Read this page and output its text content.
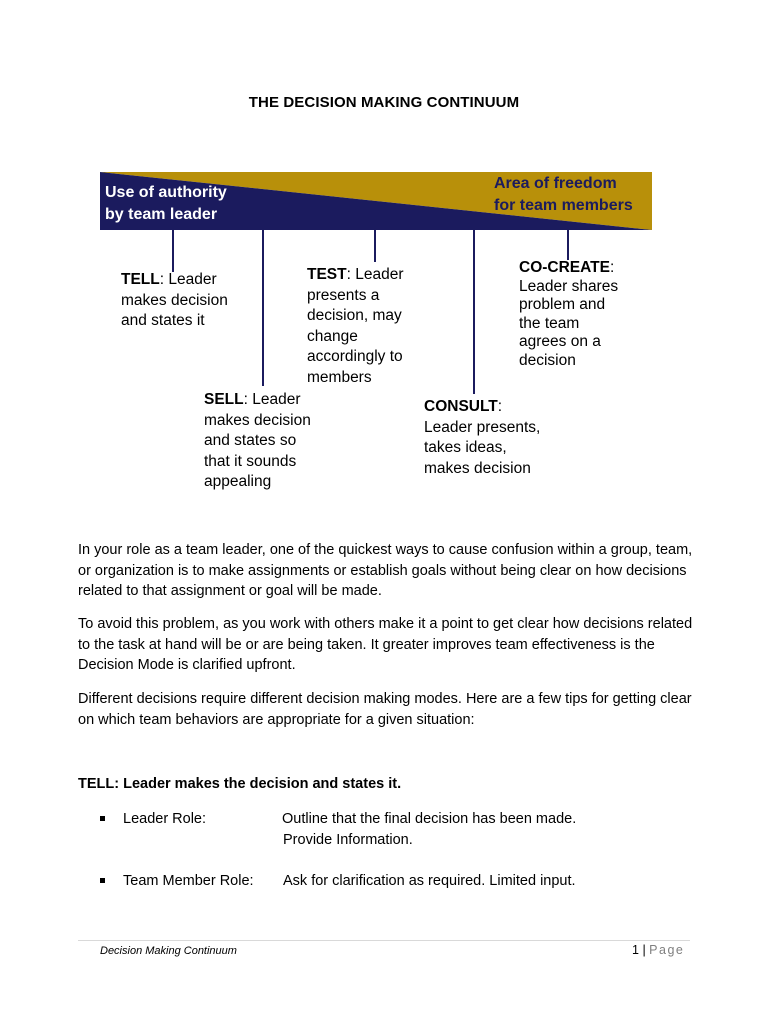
THE DECISION MAKING CONTINUUM
Use of authority
by team leader
Area of freedom
for team members
TELL: Leader
makes decision
and states it
TEST: Leader
presents a
decision, may
change
accordingly to
members
CO-CREATE:
Leader shares
problem and
the team
agrees on a
decision
SELL: Leader
makes decision
and states so
that it sounds
appealing
CONSULT:
Leader presents,
takes ideas,
makes decision
In your role as a team leader, one of the quickest ways to cause confusion within a group, team, or organization is to make assignments or establish goals without being clear on how decisions related to that assignment or goal will be made.
To avoid this problem, as you work with others make it a point to get clear how decisions related to the task at hand will be or are being taken. It greater improves team effectiveness is the Decision Mode is clarified upfront.
Different decisions require different decision making modes. Here are a few tips for getting clear on which team behaviors are appropriate for a given situation:
TELL: Leader makes the decision and states it.
Leader Role:	Outline that the final decision has been made.
Provide Information.
Team Member Role: Ask for clarification as required. Limited input.
Decision Making Continuum	1 | Page
